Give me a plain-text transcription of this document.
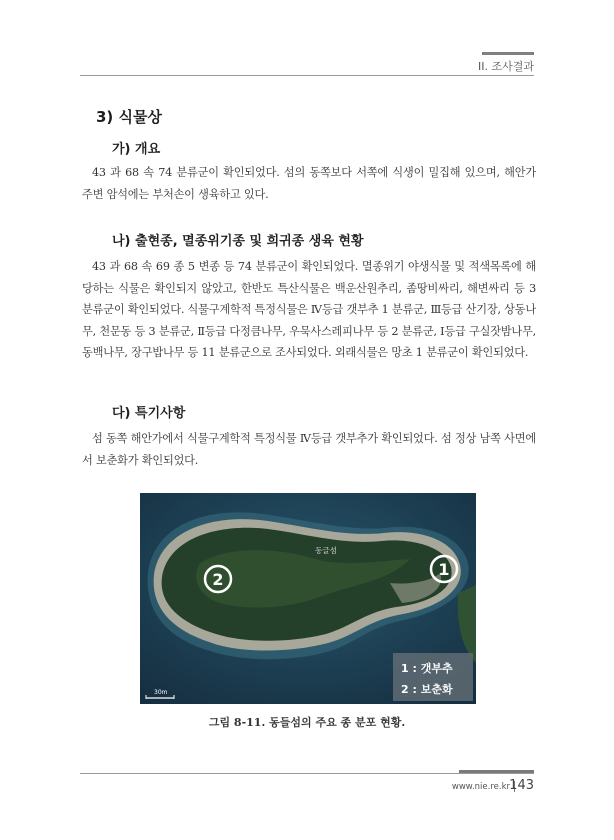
II. 조사결과
3) 식물상
가) 개요
43 과 68 속 74 분류군이 확인되었다. 섬의 동쪽보다 서쪽에 식생이 밀집해 있으며, 해안가 주변 암석에는 부처손이 생육하고 있다.
나) 출현종, 멸종위기종 및 희귀종 생육 현황
43 과 68 속 69 종 5 변종 등 74 분류군이 확인되었다. 멸종위기 야생식물 및 적색목록에 해당하는 식물은 확인되지 않았고, 한반도 특산식물은 백운산원추리, 좀땅비싸리, 해변싸리 등 3 분류군이 확인되었다. 식물구계학적 특정식물은 Ⅳ등급 갯부추 1 분류군, Ⅲ등급 산기장, 상동나무, 천문동 등 3 분류군, Ⅱ등급 다정큼나무, 우묵사스레피나무 등 2 분류군, Ⅰ등급 구실잣밤나무, 동백나무, 장구밥나무 등 11 분류군으로 조사되었다. 외래식물은 망초 1 분류군이 확인되었다.
다) 특기사항
섬 동쪽 해안가에서 식물구계학적 특정식물 Ⅳ등급 갯부추가 확인되었다. 섬 정상 남쪽 사면에서 보춘화가 확인되었다.
2
1
동글섬
1 : 갯부추
2 : 보춘화
30m
그림 8-11. 동들섬의 주요 종 분포 현황.
www.nie.re.kr 143
